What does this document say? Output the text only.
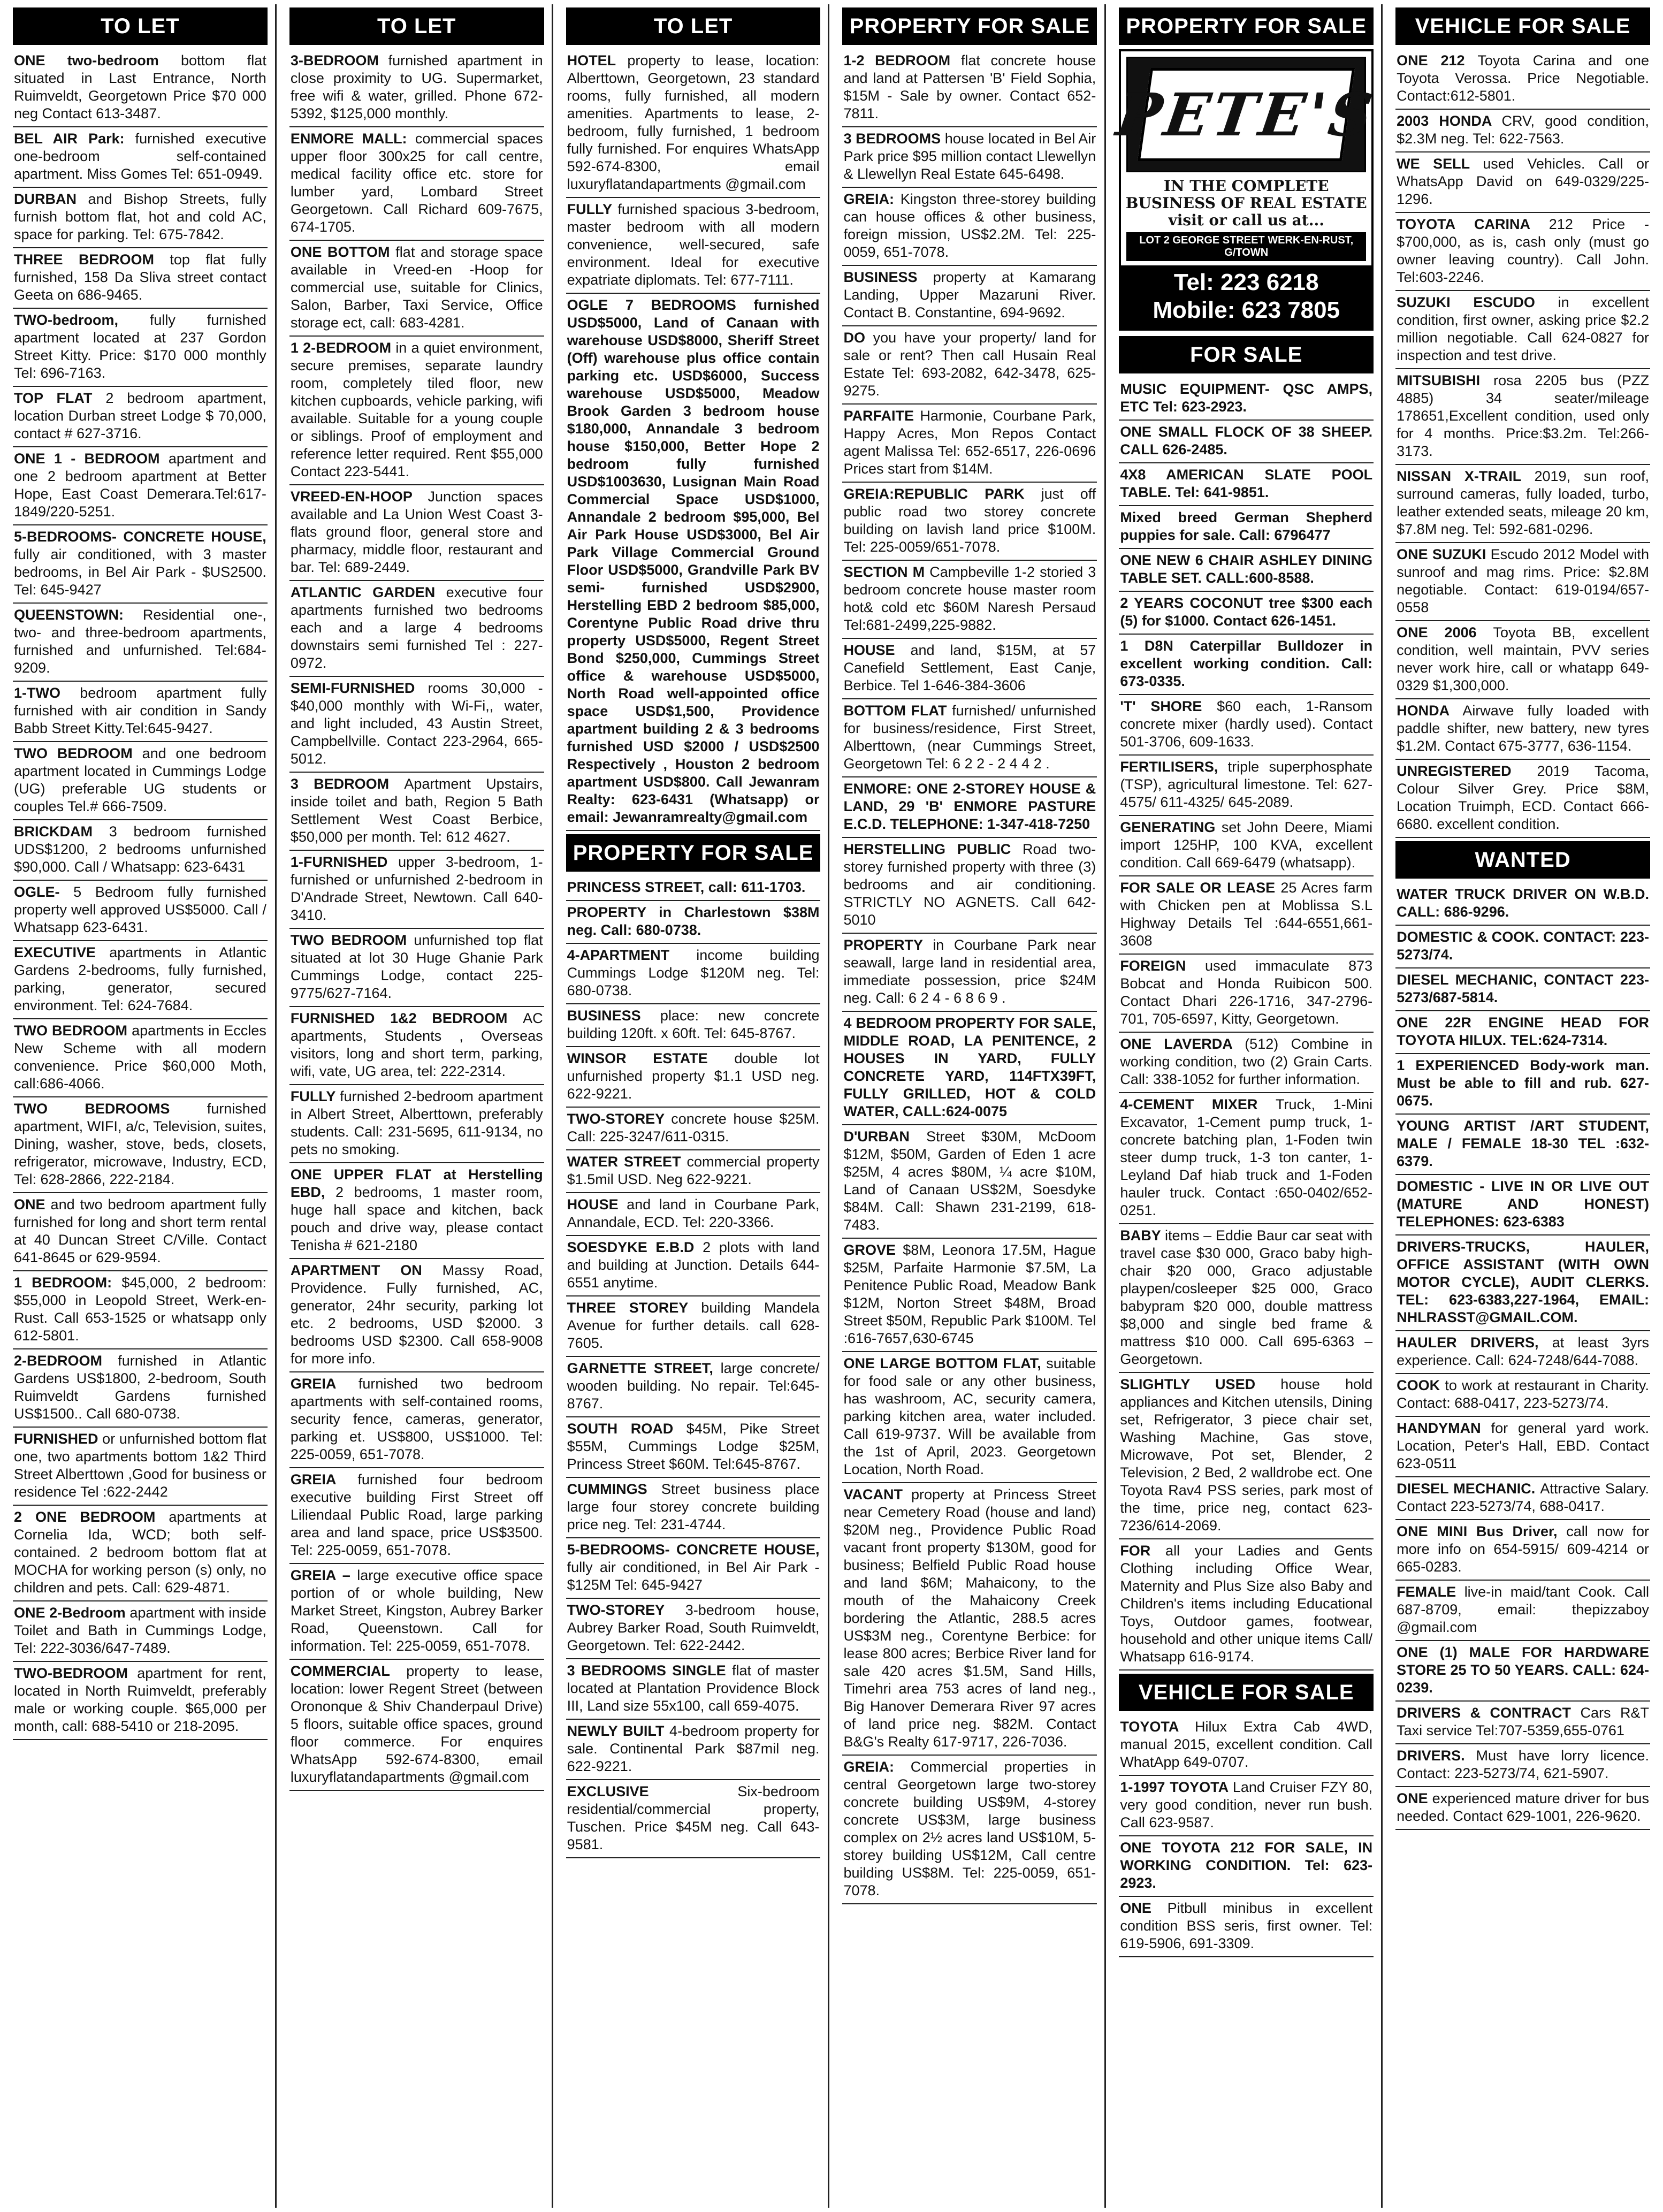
TO LET
ONE two-bedroom bottom flat situated in Last Entrance, North Ruimveldt, Georgetown Price $70 000 neg Contact 613-3487.
BEL AIR Park: furnished executive one-bedroom self-contained apartment. Miss Gomes Tel: 651-0949.
DURBAN and Bishop Streets, fully furnish bottom flat, hot and cold AC, space for parking. Tel: 675-7842.
THREE BEDROOM top flat fully furnished, 158 Da Sliva street contact Geeta on 686-9465.
TWO-bedroom, fully furnished apartment located at 237 Gordon Street Kitty. Price: $170 000 monthly Tel: 696-7163.
TOP FLAT 2 bedroom apartment, location Durban street Lodge $ 70,000, contact # 627-3716.
ONE 1 - BEDROOM apartment and one 2 bedroom apartment at Better Hope, East Coast Demerara.Tel:617-1849/220-5251.
5-BEDROOMS- CONCRETE HOUSE,fully air conditioned, with 3 master bedrooms, in Bel Air Park - $US2500. Tel: 645-9427
QUEENSTOWN: Residential one-, two- and three-bedroom apartments, furnished and unfurnished. Tel:684-9209.
1-TWO bedroom apartment fully furnished with air condition in Sandy Babb Street Kitty.Tel:645-9427.
TWO BEDROOM and one bedroom apartment located in Cummings Lodge (UG) preferable UG students or couples Tel.# 666-7509.
BRICKDAM 3 bedroom furnished UDS$1200, 2 bedrooms unfurnished $90,000. Call / Whatsapp: 623-6431
OGLE- 5 Bedroom fully furnished property well approved US$5000. Call / Whatsapp 623-6431.
EXECUTIVE apartments in Atlantic Gardens 2-bedrooms, fully furnished, parking, generator, secured environment. Tel: 624-7684.
TWO BEDROOM apartments in Eccles New Scheme with all modern convenience. Price $60,000 Moth, call:686-4066.
TWO BEDROOMS	furnished apartment, WIFI, a/c, Television, suites, Dining, washer, stove, beds, closets, refrigerator, microwave, Industry, ECD, Tel: 628-2866, 222-2184.
ONE and two bedroom apartment fully furnished for long and short term rental at 40 Duncan Street C/Ville. Contact 641-8645 or 629-9594.
1 BEDROOM: $45,000, 2 bedroom: $55,000 in Leopold Street, Werk-en-Rust. Call 653-1525 or whatsapp only 612-5801.
2-BEDROOM furnished in Atlantic Gardens US$1800, 2-bedroom, South Ruimveldt Gardens furnished US$1500.. Call 680-0738.
FURNISHED or unfurnished bottom flat one, two apartments bottom 1&2 Third Street Alberttown ,Good for business or residence Tel :622-2442
2 ONE BEDROOM apartments at Cornelia Ida, WCD; both self-contained. 2 bedroom bottom flat at MOCHA for working person (s) only, no children and pets. Call: 629-4871.
ONE 2-Bedroom apartment with inside Toilet and Bath in Cummings Lodge, Tel: 222-3036/647-7489.
TWO-BEDROOM apartment for rent, located in North Ruimveldt, preferably male or working couple. $65,000 per month, call: 688-5410 or 218-2095.
TO LET
3-BEDROOM furnished apartment in close proximity to UG. Supermarket, free wifi & water, grilled. Phone 672-5392, $125,000 monthly.
ENMORE MALL: commercial spaces upper floor 300x25 for call centre, medical facility office etc. store for lumber yard, Lombard Street Georgetown. Call Richard 609-7675, 674-1705.
ONE BOTTOM flat and storage space available in Vreed-en -Hoop for commercial use, suitable for Clinics, Salon, Barber, Taxi Service, Office storage ect, call: 683-4281.
1 2-BEDROOM in a quiet environment, secure premises, separate laundry room, completely tiled floor, new kitchen cupboards, vehicle parking, wifi available. Suitable for a young couple or siblings. Proof of employment and reference letter required. Rent $55,000 Contact 223-5441.
VREED-EN-HOOP Junction spaces available and La Union West Coast 3-flats ground floor, general store and pharmacy, middle floor, restaurant and bar. Tel: 689-2449.
ATLANTIC GARDEN executive four apartments furnished two bedrooms each and a large 4 bedrooms downstairs semi furnished Tel : 227-0972.
SEMI-FURNISHED rooms 30,000 - $40,000 monthly with Wi-Fi,, water, and light included, 43 Austin Street, Campbellville. Contact 223-2964, 665-5012.
3 BEDROOM Apartment Upstairs, inside toilet and bath, Region 5 Bath Settlement West Coast Berbice, $50,000 per month. Tel: 612 4627.
1-FURNISHED upper 3-bedroom, 1-furnished or unfurnished 2-bedroom in D'Andrade Street, Newtown. Call 640-3410.
TWO BEDROOM unfurnished top flat situated at lot 30 Huge Ghanie Park Cummings Lodge, contact 225-9775/627-7164.
FURNISHED 1&2 BEDROOM AC apartments, Students , Overseas visitors, long and short term, parking, wifi, vate, UG area, tel: 222-2314.
FULLY furnished 2-bedroom apartment in Albert Street, Alberttown, preferably students. Call: 231-5695, 611-9134, no pets no smoking.
ONE UPPER FLAT at Herstelling EBD, 2 bedrooms, 1 master room, huge hall space and kitchen, back pouch and drive way, please contact Tenisha # 621-2180
APARTMENT ON Massy Road, Providence. Fully furnished, AC, generator, 24hr security, parking lot etc. 2 bedrooms, USD $2000. 3 bedrooms USD $2300. Call 658-9008 for more info.
GREIA furnished two bedroom apartments with self-contained rooms, security fence, cameras, generator, parking et. US$800, US$1000. Tel: 225-0059, 651-7078.
GREIA furnished four bedroom executive building First Street off Liliendaal Public Road, large parking area and land space, price US$3500. Tel: 225-0059, 651-7078.
GREIA – large executive office space portion of or whole building, New Market Street, Kingston, Aubrey Barker Road, Queenstown. Call for information. Tel: 225-0059, 651-7078.
COMMERCIAL property to lease, location: lower Regent Street (between Orononque & Shiv Chanderpaul Drive) 5 floors, suitable office spaces, ground floor commerce. For enquires WhatsApp 592-674-8300, email luxuryflatandapartments @gmail.com
TO LET
HOTEL property to lease, location: Alberttown, Georgetown, 23 standard rooms, fully furnished, all modern amenities. Apartments to lease, 2-bedroom, fully furnished, 1 bedroom fully furnished. For enquires WhatsApp 592-674-8300, email luxuryflatandapartments @gmail.com
FULLY furnished spacious 3-bedroom, master bedroom with all modern convenience, well-secured, safe environment. Ideal for executive expatriate diplomats. Tel: 677-7111.
OGLE 7 BEDROOMS furnishedUSD$5000, Land of Canaan with warehouse USD$8000, Sheriff Street (Off) warehouse plus office contain parking etc. USD$6000, Success warehouse USD$5000, Meadow Brook Garden 3 bedroom house $180,000, Annandale 3 bedroom house $150,000, Better Hope 2 bedroom fully furnished USD$1003630, Lusignan Main Road Commercial Space USD$1000, Annandale 2 bedroom $95,000, Bel Air Park House USD$3000, Bel Air Park Village Commercial Ground Floor USD$5000, Grandville Park BV semi- furnished USD$2900, Herstelling EBD 2 bedroom $85,000, Corentyne Public Road drive thru property USD$5000, Regent Street Bond $250,000, Cummings Street office & warehouse USD$5000, North Road well-appointed office space USD$1,500, Providence apartment building 2 & 3 bedrooms furnished USD $2000 / USD$2500 Respectively , Houston 2 bedroom apartment USD$800. Call Jewanram Realty: 623-6431 (Whatsapp) or email: Jewanramrealty@gmail.com
PROPERTY FOR SALE
PRINCESS STREET, call: 611-1703.
PROPERTY in Charlestown $38M neg. Call: 680-0738.
4-APARTMENT income building Cummings Lodge $120M neg. Tel: 680-0738.
BUSINESS place: new concrete building 120ft. x 60ft. Tel: 645-8767.
WINSOR ESTATE double lot unfurnished property $1.1 USD neg. 622-9221.
TWO-STOREY concrete house $25M. Call: 225-3247/611-0315.
WATER STREET commercial property $1.5mil USD. Neg 622-9221.
HOUSE and land in Courbane Park, Annandale, ECD. Tel: 220-3366.
SOESDYKE E.B.D 2 plots with land and building at Junction. Details 644-6551 anytime.
THREE STOREY building Mandela Avenue for further details. call 628-7605.
GARNETTE STREET, large concrete/ wooden building. No repair. Tel:645-8767.
SOUTH ROAD $45M, Pike Street $55M, Cummings Lodge $25M, Princess Street $60M. Tel:645-8767.
CUMMINGS Street business place large four storey concrete building price neg. Tel: 231-4744.
5-BEDROOMS- CONCRETE HOUSE,fully air conditioned, in Bel Air Park - $125M Tel: 645-9427
TWO-STOREY 3-bedroom house, Aubrey Barker Road, South Ruimveldt, Georgetown. Tel: 622-2442.
3 BEDROOMS SINGLE flat of master located at Plantation Providence Block III, Land size 55x100, call 659-4075.
NEWLY BUILT 4-bedroom property for sale. Continental Park $87mil neg. 622-9221.
EXCLUSIVE	Six-bedroom residential/commercial property, Tuschen. Price $45M neg. Call 643-9581.
PROPERTY FOR SALE
1-2 BEDROOM flat concrete house and land at Pattersen 'B' Field Sophia, $15M - Sale by owner. Contact 652-7811.
3 BEDROOMS house located in Bel Air Park price $95 million contact Llewellyn & Llewellyn Real Estate 645-6498.
GREIA: Kingston three-storey building can house offices & other business, foreign mission, US$2.2M. Tel: 225-0059, 651-7078.
BUSINESS property at Kamarang Landing, Upper Mazaruni River. Contact B. Constantine, 694-9692.
DO you have your property/ land for sale or rent? Then call Husain Real Estate Tel: 693-2082, 642-3478, 625-9275.
PARFAITE Harmonie, Courbane Park, Happy Acres, Mon Repos Contact agent Malissa Tel: 652-6517, 226-0696 Prices start from $14M.
GREIA:REPUBLIC PARK just off public road two storey concrete building on lavish land price $100M. Tel: 225-0059/651-7078.
SECTION M Campbeville 1-2 storied 3 bedroom concrete house master room hot& cold etc $60M Naresh Persaud Tel:681-2499,225-9882.
HOUSE and land, $15M, at 57 Canefield Settlement, East Canje, Berbice. Tel 1-646-384-3606
BOTTOM FLAT furnished/ unfurnished for business/residence, First Street, Alberttown, (near Cummings Street, Georgetown Tel: 6 2 2 - 2 4 4 2 .
ENMORE: ONE 2-STOREY HOUSE & LAND, 29 'B' ENMORE PASTURE E.C.D. TELEPHONE: 1-347-418-7250
HERSTELLING PUBLIC Road two-storey furnished property with three (3) bedrooms and air conditioning. STRICTLY NO AGNETS. Call 642-5010
PROPERTY in Courbane Park near seawall, large land in residential area, immediate possession, price $24M neg. Call: 6 2 4 - 6 8 6 9 .
4 BEDROOM PROPERTY FOR SALE, MIDDLE ROAD, LA PENITENCE, 2 HOUSES IN YARD, FULLY CONCRETE YARD, 114FTX39FT, FULLY GRILLED, HOT & COLD WATER, CALL:624-0075
D'URBAN Street $30M, McDoom $12M, $50M, Garden of Eden 1 acre $25M, 4 acres $80M, ¼ acre $10M, Land of Canaan US$2M, Soesdyke $84M. Call: Shawn 231-2199, 618-7483.
GROVE $8M, Leonora 17.5M, Hague $25M, Parfaite Harmonie $7.5M, La Penitence Public Road, Meadow Bank $12M, Norton Street $48M, Broad Street $50M, Republic Park $100M. Tel :616-7657,630-6745
ONE LARGE BOTTOM FLAT, suitable for food sale or any other business, has washroom, AC, security camera, parking kitchen area, water included. Call 619-9737. Will be available from the 1st of April, 2023. Georgetown Location, North Road.
VACANT property at Princess Street near Cemetery Road (house and land) $20M neg., Providence Public Road vacant front property $130M, good for business; Belfield Public Road house and land $6M; Mahaicony, to the mouth of the Mahaicony Creek bordering the Atlantic, 288.5 acres US$3M neg., Corentyne Berbice: for lease 800 acres; Berbice River land for sale 420 acres $1.5M, Sand Hills, Timehri area 753 acres of land neg., Big Hanover Demerara River 97 acres of land price neg. $82M. Contact B&G's Realty 617-9717, 226-7036.
GREIA: Commercial properties in central Georgetown large two-storey concrete building US$9M, 4-storey concrete US$3M, large business complex on 2½ acres land US$10M, 5-storey building US$12M, Call centre building US$8M. Tel: 225-0059, 651-7078.
PROPERTY FOR SALE
PETE'S
IN THE COMPLETE
BUSINESS OF REAL ESTATE
visit or call us at...
LOT 2 GEORGE STREET WERK-EN-RUST, G/TOWN
Tel: 223 6218
Mobile: 623 7805
FOR SALE
MUSIC EQUIPMENT- QSC AMPS, ETC Tel: 623-2923.
ONE SMALL FLOCK OF 38 SHEEP. CALL 626-2485.
4X8 AMERICAN SLATE POOL TABLE. Tel: 641-9851.
Mixed breed German Shepherd puppies for sale. Call: 6796477
ONE NEW 6 CHAIR ASHLEY DINING TABLE SET. CALL:600-8588.
2 YEARS COCONUT tree $300 each (5) for $1000. Contact 626-1451.
1 D8N Caterpillar Bulldozer in excellent working condition. Call: 673-0335.
'T' SHORE $60 each, 1-Ransom concrete mixer (hardly used). Contact 501-3706, 609-1633.
FERTILISERS, triple superphosphate (TSP), agricultural limestone. Tel: 627-4575/ 611-4325/ 645-2089.
GENERATING set John Deere, Miami import 125HP, 100 KVA, excellent condition. Call 669-6479 (whatsapp).
FOR SALE OR LEASE 25 Acres farm with Chicken pen at Moblissa S.L Highway Details Tel :644-6551,661-3608
FOREIGN used immaculate 873 Bobcat and Honda Ruibicon 500. Contact Dhari 226-1716, 347-2796-701, 705-6597, Kitty, Georgetown.
ONE LAVERDA (512) Combine in working condition, two (2) Grain Carts. Call: 338-1052 for further information.
4-CEMENT MIXER Truck, 1-Mini Excavator, 1-Cement pump truck, 1-concrete batching plan, 1-Foden twin steer dump truck, 1-3 ton canter, 1-Leyland Daf hiab truck and 1-Foden hauler truck. Contact :650-0402/652-0251.
BABY items – Eddie Baur car seat with travel case $30 000, Graco baby high-chair $20 000, Graco adjustable playpen/cosleeper $25 000, Graco babypram $20 000, double mattress $8,000 and single bed frame & mattress $10 000. Call 695-6363 – Georgetown.
SLIGHTLY USED house hold appliances and Kitchen utensils, Dining set, Refrigerator, 3 piece chair set, Washing Machine, Gas stove, Microwave, Pot set, Blender, 2 Television, 2 Bed, 2 walldrobe ect. One Toyota Rav4 PSS series, park most of the time, price neg, contact 623-7236/614-2069.
FOR all your Ladies and Gents Clothing including Office Wear, Maternity and Plus Size also Baby and Children's items including Educational Toys, Outdoor games, footwear, household and other unique items Call/ Whatsapp 616-9174.
VEHICLE FOR SALE
TOYOTA Hilux Extra Cab 4WD, manual 2015, excellent condition. Call WhatApp 649-0707.
1-1997 TOYOTA Land Cruiser FZY 80, very good condition, never run bush. Call 623-9587.
ONE TOYOTA 212 FOR SALE, IN WORKING CONDITION. Tel: 623-2923.
ONE Pitbull minibus in excellent condition BSS seris, first owner. Tel: 619-5906, 691-3309.
VEHICLE FOR SALE
ONE 212 Toyota Carina and one Toyota Verossa. Price Negotiable. Contact:612-5801.
2003 HONDA CRV, good condition, $2.3M neg. Tel: 622-7563.
WE SELL used Vehicles. Call or WhatsApp David on 649-0329/225-1296.
TOYOTA CARINA 212 Price - $700,000, as is, cash only (must go owner leaving country). Call John. Tel:603-2246.
SUZUKI ESCUDO in excellent condition, first owner, asking price $2.2 million negotiable. Call 624-0827 for inspection and test drive.
MITSUBISHI rosa 2205 bus (PZZ 4885) 34 seater/mileage 178651,Excellent condition, used only for 4 months. Price:$3.2m. Tel:266-3173.
NISSAN X-TRAIL 2019, sun roof, surround cameras, fully loaded, turbo, leather extended seats, mileage 20 km, $7.8M neg. Tel: 592-681-0296.
ONE SUZUKI Escudo 2012 Model with sunroof and mag rims. Price: $2.8M negotiable. Contact: 619-0194/657-0558
ONE 2006 Toyota BB, excellent condition, well maintain, PVV series never work hire, call or whatapp 649-0329 $1,300,000.
HONDA Airwave fully loaded with paddle shifter, new battery, new tyres $1.2M. Contact 675-3777, 636-1154.
UNREGISTERED 2019 Tacoma, Colour Silver Grey. Price $8M, Location Truimph, ECD. Contact 666-6680. excellent condition.
WANTED
WATER TRUCK DRIVER ON W.B.D. CALL: 686-9296.
DOMESTIC & COOK. CONTACT: 223-5273/74.
DIESEL MECHANIC, CONTACT 223-5273/687-5814.
ONE 22R ENGINE HEAD FOR TOYOTA HILUX. TEL:624-7314.
1 EXPERIENCED Body-work man. Must be able to fill and rub. 627-0675.
YOUNG ARTIST /ART STUDENT, MALE / FEMALE 18-30 TEL :632-6379.
DOMESTIC - LIVE IN OR LIVE OUT (MATURE AND HONEST) TELEPHONES: 623-6383
DRIVERS-TRUCKS, HAULER, OFFICE ASSISTANT (WITH OWN MOTOR CYCLE), AUDIT CLERKS. TEL: 623-6383,227-1964, EMAIL: NHLRASST@GMAIL.COM.
HAULER DRIVERS, at least 3yrs experience. Call: 624-7248/644-7088.
COOK to work at restaurant in Charity. Contact: 688-0417, 223-5273/74.
HANDYMAN for general yard work. Location, Peter's Hall, EBD. Contact 623-0511
DIESEL MECHANIC. Attractive Salary. Contact 223-5273/74, 688-0417.
ONE MINI Bus Driver, call now for more info on 654-5915/ 609-4214 or 665-0283.
FEMALE live-in maid/tant Cook. Call 687-8709, email: thepizzaboy @gmail.com
ONE (1) MALE FOR HARDWARE STORE 25 TO 50 YEARS. CALL: 624-0239.
DRIVERS & CONTRACT Cars R&T Taxi service Tel:707-5359,655-0761
DRIVERS. Must have lorry licence. Contact: 223-5273/74, 621-5907.
ONE experienced mature driver for bus needed. Contact 629-1001, 226-9620.
